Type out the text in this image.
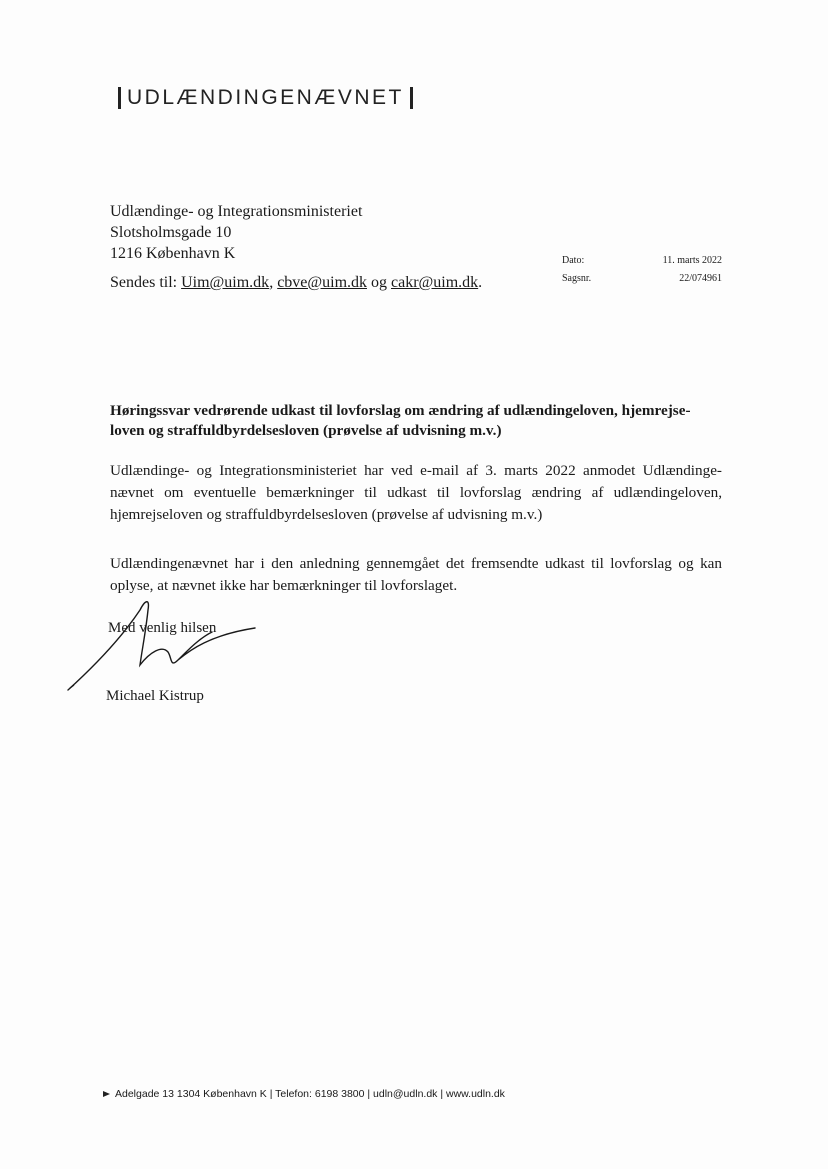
UDLÆNDINGENÆVNET
Udlændinge- og Integrationsministeriet
Slotsholmsgade 10
1216 København K
Sendes til: Uim@uim.dk, cbve@uim.dk og cakr@uim.dk.
Dato:
Sagsnr.
11. marts 2022
22/074961
Høringssvar vedrørende udkast til lovforslag om ændring af udlændingeloven, hjemrejse-
loven og straffuldbyrdelsesloven (prøvelse af udvisning m.v.)
Udlændinge- og Integrationsministeriet har ved e-mail af 3. marts 2022 anmodet Udlændinge-
nævnet om eventuelle bemærkninger til udkast til lovforslag ændring af udlændingeloven,
hjemrejseloven og straffuldbyrdelsesloven (prøvelse af udvisning m.v.)
Udlændingenævnet har i den anledning gennemgået det fremsendte udkast til lovforslag og kan
oplyse, at nævnet ikke har bemærkninger til lovforslaget.
Med venlig hilsen
Michael Kistrup
Adelgade 13 1304 København K | Telefon: 6198 3800 | udln@udln.dk | www.udln.dk
